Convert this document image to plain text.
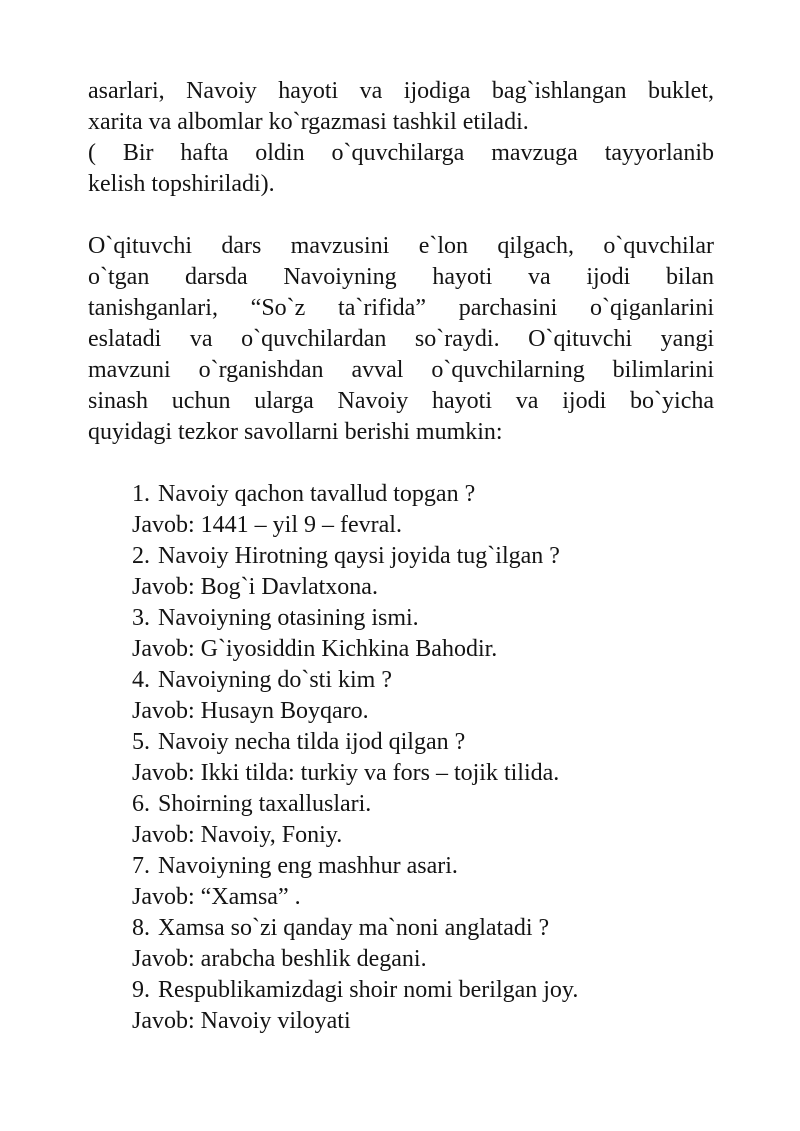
asarlari, Navoiy hayoti va ijodiga bag`ishlangan buklet,
xarita va albomlar ko`rgazmasi tashkil etiladi.

( Bir hafta oldin o`quvchilarga mavzuga tayyorlanib
kelish topshiriladi).

O`qituvchi dars mavzusini e`lon qilgach, o`quvchilar
o`tgan darsda Navoiyning hayoti va ijodi bilan
tanishganlari, “So`z ta`rifida” parchasini o`qiganlarini
eslatadi va o`quvchilardan so`raydi. O`qituvchi yangi
mavzuni o`rganishdan avval o`quvchilarning bilimlarini
sinash uchun ularga Navoiy hayoti va ijodi bo`yicha
quyidagi tezkor savollarni berishi mumkin:

1. Navoiy qachon tavallud topgan ?
Javob: 1441 – yil 9 – fevral.
2. Navoiy Hirotning qaysi joyida tug`ilgan ?
Javob: Bog`i Davlatxona.
3. Navoiyning otasining ismi.
Javob: G`iyosiddin Kichkina Bahodir.
4. Navoiyning do`sti kim ?
Javob: Husayn Boyqaro.
5. Navoiy necha tilda ijod qilgan ?
Javob: Ikki tilda: turkiy va fors – tojik tilida.
6. Shoirning taxalluslari.
Javob: Navoiy, Foniy.
7. Navoiyning eng mashhur asari.
Javob: “Xamsa” .
8. Xamsa so`zi qanday ma`noni anglatadi ?
Javob: arabcha beshlik degani.
9. Respublikamizdagi shoir nomi berilgan joy.
Javob: Navoiy viloyati
